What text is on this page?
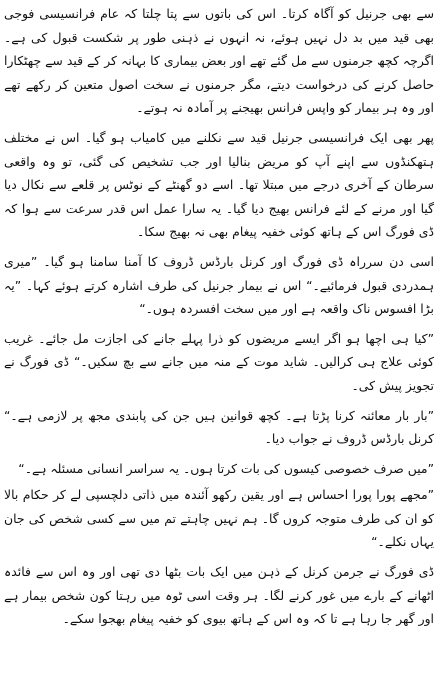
سے بھی جرنیل کو آگاہ کرتا۔ اس کی باتوں سے پتا چلتا کہ عام فرانسیسی فوجی بھی قید میں بد دل نہیں ہوئے، نہ انہوں نے ذہنی طور پر شکست قبول کی ہے۔ اگرچہ کچھ جرمنوں سے مل گئے تھے اور بعض بیماری کا بہانہ کر کے قید سے چھٹکارا حاصل کرنے کی درخواست دیتے، مگر جرمنوں نے سخت اصول متعین کر رکھے تھے اور وہ ہر بیمار کو واپس فرانس بھیجنے پر آمادہ نہ ہوتے۔

پھر بھی ایک فرانسیسی جرنیل قید سے نکلنے میں کامیاب ہو گیا۔ اس نے مختلف ہتھکنڈوں سے اپنے آپ کو مریض بنالیا اور جب تشخیص کی گئی، تو وہ واقعی سرطان کے آخری درجے میں مبتلا تھا۔ اسے دو گھنٹے کے نوٹس پر قلعے سے نکال دیا گیا اور مرنے کے لئے فرانس بھیج دیا گیا۔ یہ سارا عمل اس قدر سرعت سے ہوا کہ ڈی فورگ اس کے ہاتھ کوئی خفیہ پیغام بھی نہ بھیج سکا۔

اسی دن سرراہ ڈی فورگ اور کرنل بارڈس ڈروف کا آمنا سامنا ہو گیا۔ ”میری ہمدردی قبول فرمائیے۔“ اس نے بیمار جرنیل کی طرف اشارہ کرتے ہوئے کہا۔ ”یہ بڑا افسوس ناک واقعہ ہے اور میں سخت افسردہ ہوں۔“

”کیا ہی اچھا ہو اگر ایسے مریضوں کو ذرا پہلے جانے کی اجازت مل جائے۔ غریب کوئی علاج ہی کرالیں۔ شاید موت کے منہ میں جانے سے بچ سکیں۔“ ڈی فورگ نے تجویز پیش کی۔

”بار بار معائنہ کرنا پڑتا ہے۔ کچھ قوانین ہیں جن کی پابندی مجھ پر لازمی ہے۔“ کرنل بارڈس ڈروف نے جواب دیا۔

”میں صرف خصوصی کیسوں کی بات کرتا ہوں۔ یہ سراسر انسانی مسئلہ ہے۔“

”مجھے پورا پورا احساس ہے اور یقین رکھو آئندہ میں ذاتی دلچسپی لے کر حکام بالا کو ان کی طرف متوجہ کروں گا۔ ہم نہیں چاہتے تم میں سے کسی شخص کی جان یہاں نکلے۔“

ڈی فورگ نے جرمن کرنل کے ذہن میں ایک بات بٹھا دی تھی اور وہ اس سے فائدہ اٹھانے کے بارے میں غور کرنے لگا۔ ہر وقت اسی ٹوہ میں رہتا کون شخص بیمار ہے اور گھر جا رہا ہے تا کہ وہ اس کے ہاتھ بیوی کو خفیہ پیغام بھجوا سکے۔
